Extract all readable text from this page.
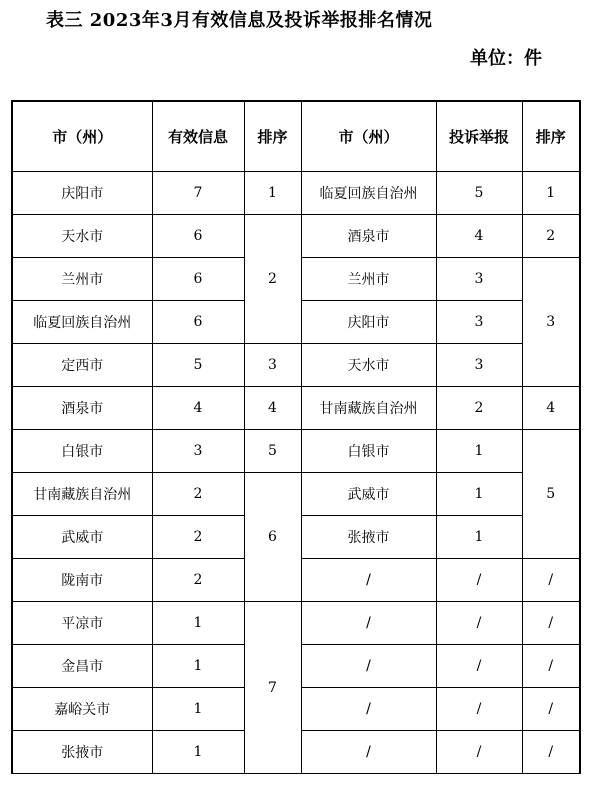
表三 2023年3月有效信息及投诉举报排名情况
单位：件
市（州）	有效信息	排序	市（州）	投诉举报	排序
庆阳市	7	1	临夏回族自治州	5	1
天水市	6	2	酒泉市	4	2
兰州市	6		兰州市	3	3
临夏回族自治州	6		庆阳市	3	
定西市	5	3	天水市	3	
酒泉市	4	4	甘南藏族自治州	2	4
白银市	3	5	白银市	1	5
甘南藏族自治州	2	6	武威市	1	
武威市	2		张掖市	1	
陇南市	2		/	/	/
平凉市	1	7	/	/	/
金昌市	1		/	/	/
嘉峪关市	1		/	/	/
张掖市	1		/	/	/
